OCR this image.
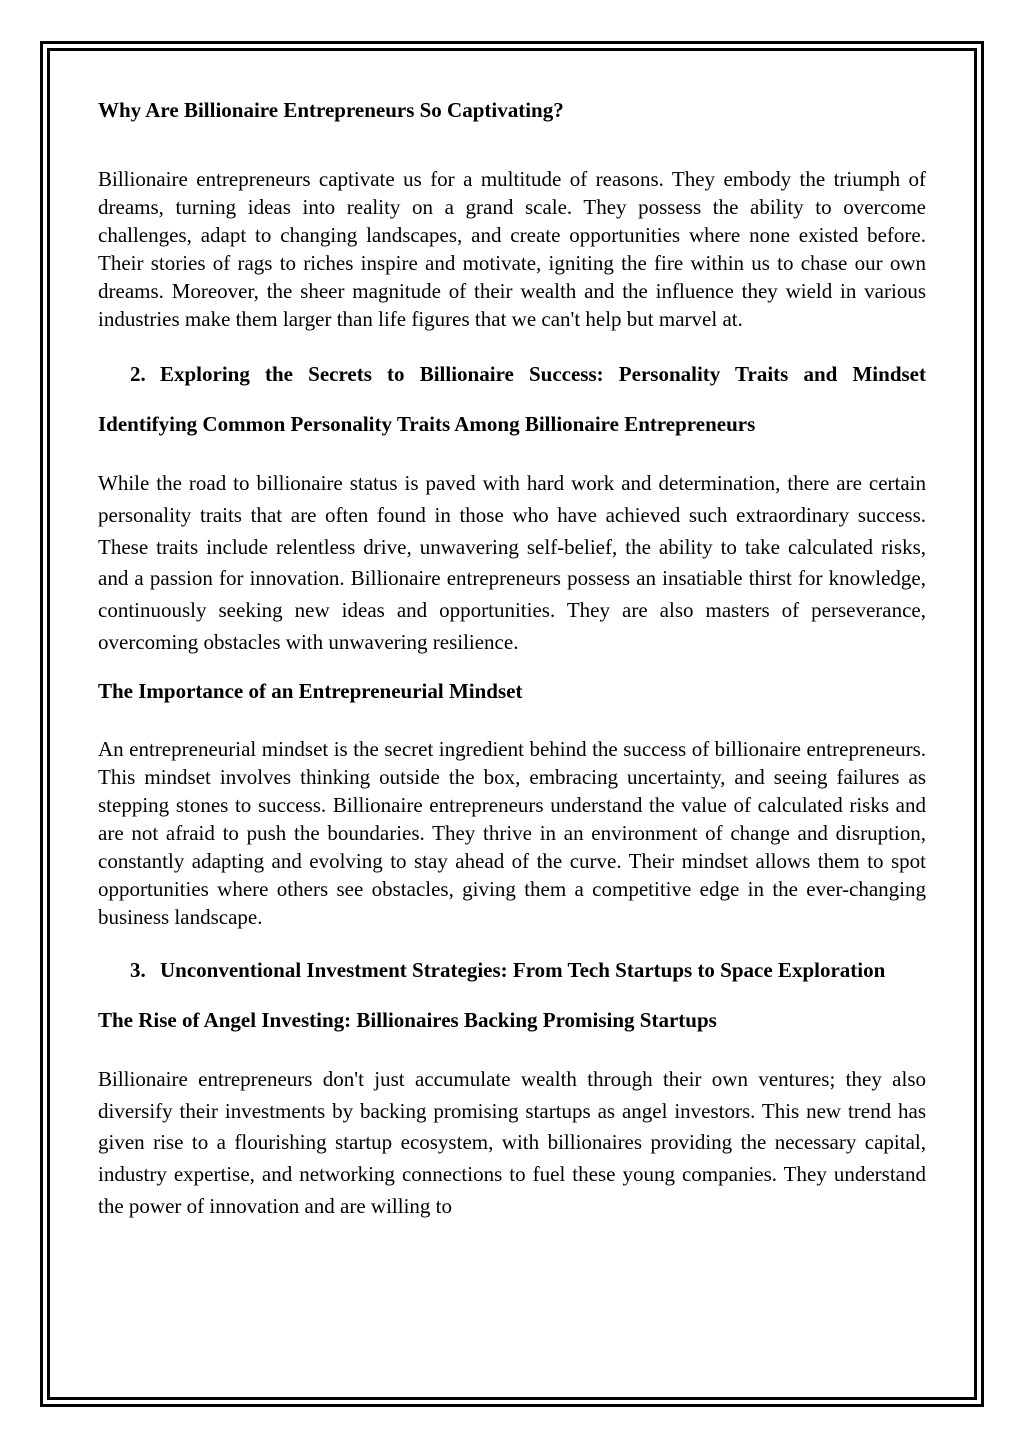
Why Are Billionaire Entrepreneurs So Captivating?

Billionaire entrepreneurs captivate us for a multitude of reasons. They embody the triumph of dreams, turning ideas into reality on a grand scale. They possess the ability to overcome challenges, adapt to changing landscapes, and create opportunities where none existed before. Their stories of rags to riches inspire and motivate, igniting the fire within us to chase our own dreams. Moreover, the sheer magnitude of their wealth and the influence they wield in various industries make them larger than life figures that we can't help but marvel at.

2. Exploring the Secrets to Billionaire Success: Personality Traits and Mindset
Identifying Common Personality Traits Among Billionaire Entrepreneurs

While the road to billionaire status is paved with hard work and determination, there are certain personality traits that are often found in those who have achieved such extraordinary success. These traits include relentless drive, unwavering self-belief, the ability to take calculated risks, and a passion for innovation. Billionaire entrepreneurs possess an insatiable thirst for knowledge, continuously seeking new ideas and opportunities. They are also masters of perseverance, overcoming obstacles with unwavering resilience.

The Importance of an Entrepreneurial Mindset

An entrepreneurial mindset is the secret ingredient behind the success of billionaire entrepreneurs. This mindset involves thinking outside the box, embracing uncertainty, and seeing failures as stepping stones to success. Billionaire entrepreneurs understand the value of calculated risks and are not afraid to push the boundaries. They thrive in an environment of change and disruption, constantly adapting and evolving to stay ahead of the curve. Their mindset allows them to spot opportunities where others see obstacles, giving them a competitive edge in the ever-changing business landscape.

3. Unconventional Investment Strategies: From Tech Startups to Space Exploration
The Rise of Angel Investing: Billionaires Backing Promising Startups

Billionaire entrepreneurs don't just accumulate wealth through their own ventures; they also diversify their investments by backing promising startups as angel investors. This new trend has given rise to a flourishing startup ecosystem, with billionaires providing the necessary capital, industry expertise, and networking connections to fuel these young companies. They understand the power of innovation and are willing to
